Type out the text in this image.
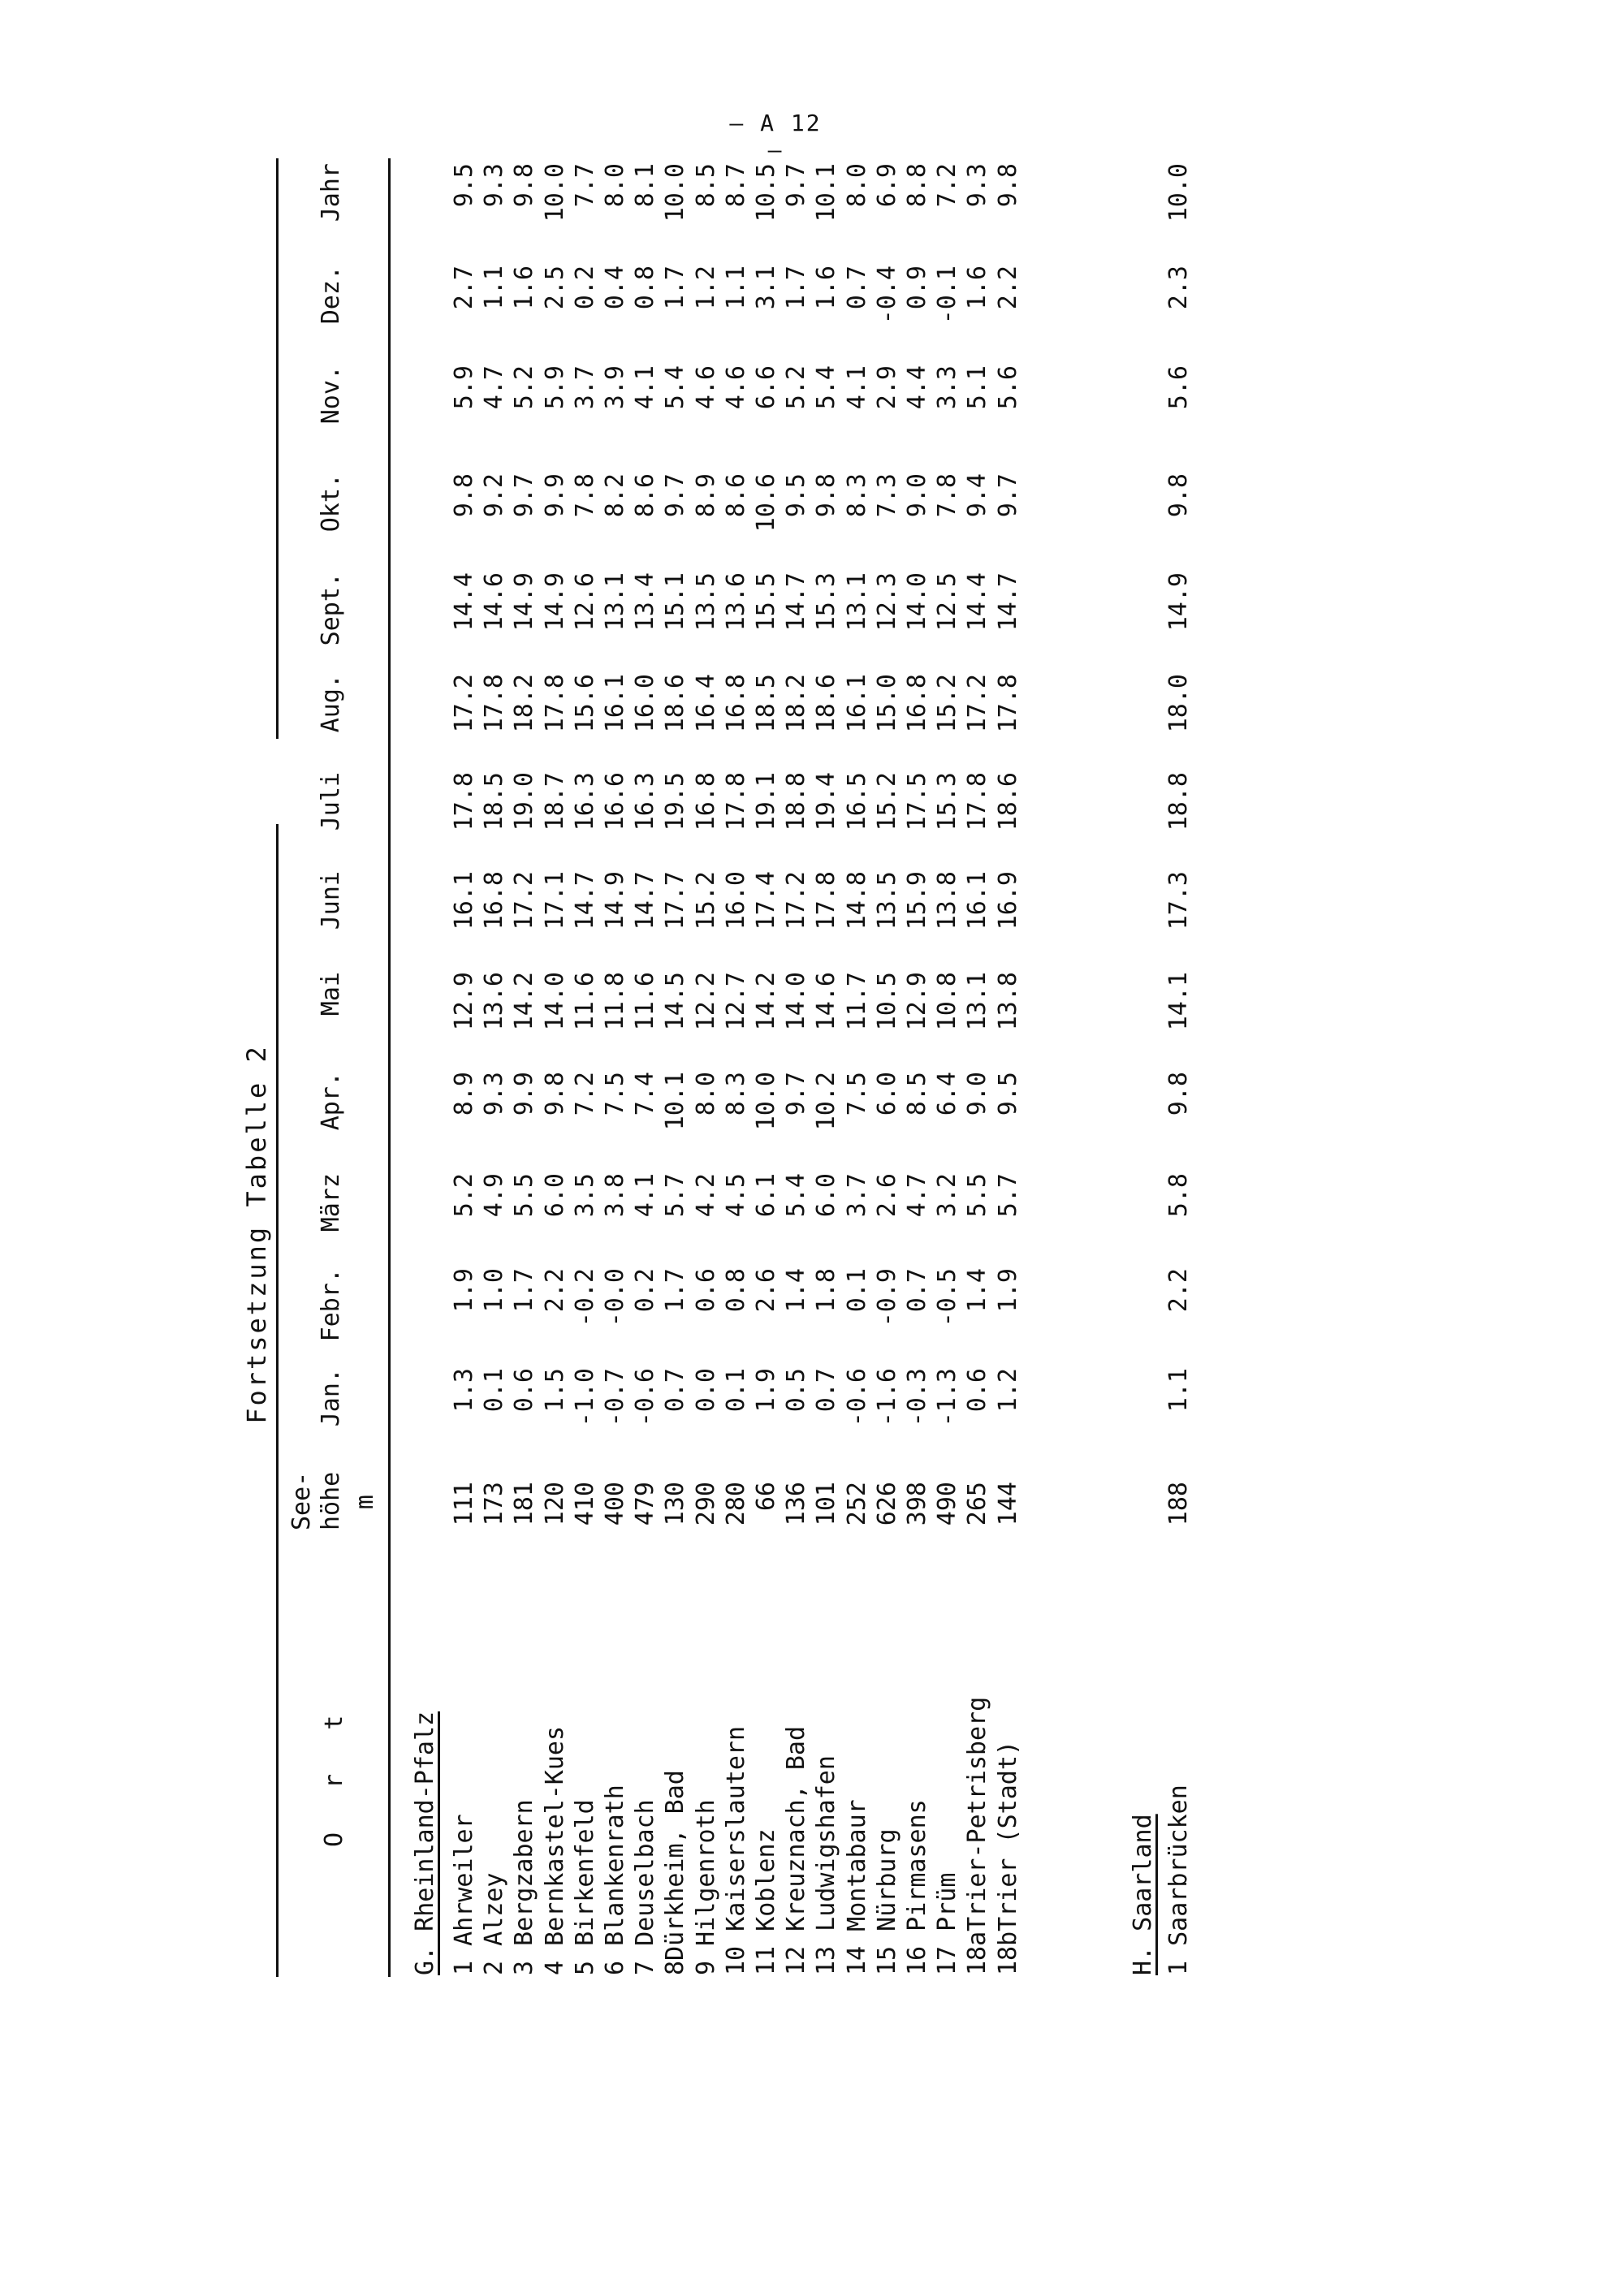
– A 12 –
Fortsetzung Tabelle 2
O r t
See- höhe m
Jan.
Febr.
März
Apr.
Mai
Juni
Juli
Aug.
Sept.
Okt.
Nov.
Dez.
Jahr
G. Rheinland-Pfalz 1 Ahrweiler
111
1.3
1.9
5.2
8.9
12.9
16.1
17.8
17.2
14.4
9.8
5.9
2.7
9.5
2 Alzey
173
0.1
1.0
4.9
9.3
13.6
16.8
18.5
17.8
14.6
9.2
4.7
1.1
9.3
3 Bergzabern
181
0.6
1.7
5.5
9.9
14.2
17.2
19.0
18.2
14.9
9.7
5.2
1.6
9.8
4 Bernkastel-Kues
120
1.5
2.2
6.0
9.8
14.0
17.1
18.7
17.8
14.9
9.9
5.9
2.5
10.0
5 Birkenfeld
410
-1.0
-0.2
3.5
7.2
11.6
14.7
16.3
15.6
12.6
7.8
3.7
0.2
7.7
6 Blankenrath
400
-0.7
-0.0
3.8
7.5
11.8
14.9
16.6
16.1
13.1
8.2
3.9
0.4
8.0
7 Deuselbach
479
-0.6
0.2
4.1
7.4
11.6
14.7
16.3
16.0
13.4
8.6
4.1
0.8
8.1
8Dürkheim, Bad
130
0.7
1.7
5.7
10.1
14.5
17.7
19.5
18.6
15.1
9.7
5.4
1.7
10.0
9 Hilgenroth
290
0.0
0.6
4.2
8.0
12.2
15.2
16.8
16.4
13.5
8.9
4.6
1.2
8.5
10 Kaiserslautern
280
0.1
0.8
4.5
8.3
12.7
16.0
17.8
16.8
13.6
8.6
4.6
1.1
8.7
11 Koblenz
66
1.9
2.6
6.1
10.0
14.2
17.4
19.1
18.5
15.5
10.6
6.6
3.1
10.5
12 Kreuznach, Bad
136
0.5
1.4
5.4
9.7
14.0
17.2
18.8
18.2
14.7
9.5
5.2
1.7
9.7
13 Ludwigshafen
101
0.7
1.8
6.0
10.2
14.6
17.8
19.4
18.6
15.3
9.8
5.4
1.6
10.1
14 Montabaur
252
-0.6
0.1
3.7
7.5
11.7
14.8
16.5
16.1
13.1
8.3
4.1
0.7
8.0
15 Nürburg
626
-1.6
-0.9
2.6
6.0
10.5
13.5
15.2
15.0
12.3
7.3
2.9
-0.4
6.9
16 Pirmasens
398
-0.3
0.7
4.7
8.5
12.9
15.9
17.5
16.8
14.0
9.0
4.4
0.9
8.8
17 Prüm
490
-1.3
-0.5
3.2
6.4
10.8
13.8
15.3
15.2
12.5
7.8
3.3
-0.1
7.2
18aTrier-Petrisberg
265
0.6
1.4
5.5
9.0
13.1
16.1
17.8
17.2
14.4
9.4
5.1
1.6
9.3
18bTrier (Stadt)
144
1.2
1.9
5.7
9.5
13.8
16.9
18.6
17.8
14.7
9.7
5.6
2.2
9.8
H. Saarland 1 Saarbrücken
188
1.1
2.2
5.8
9.8
14.1
17.3
18.8
18.0
14.9
9.8
5.6
2.3
10.0
